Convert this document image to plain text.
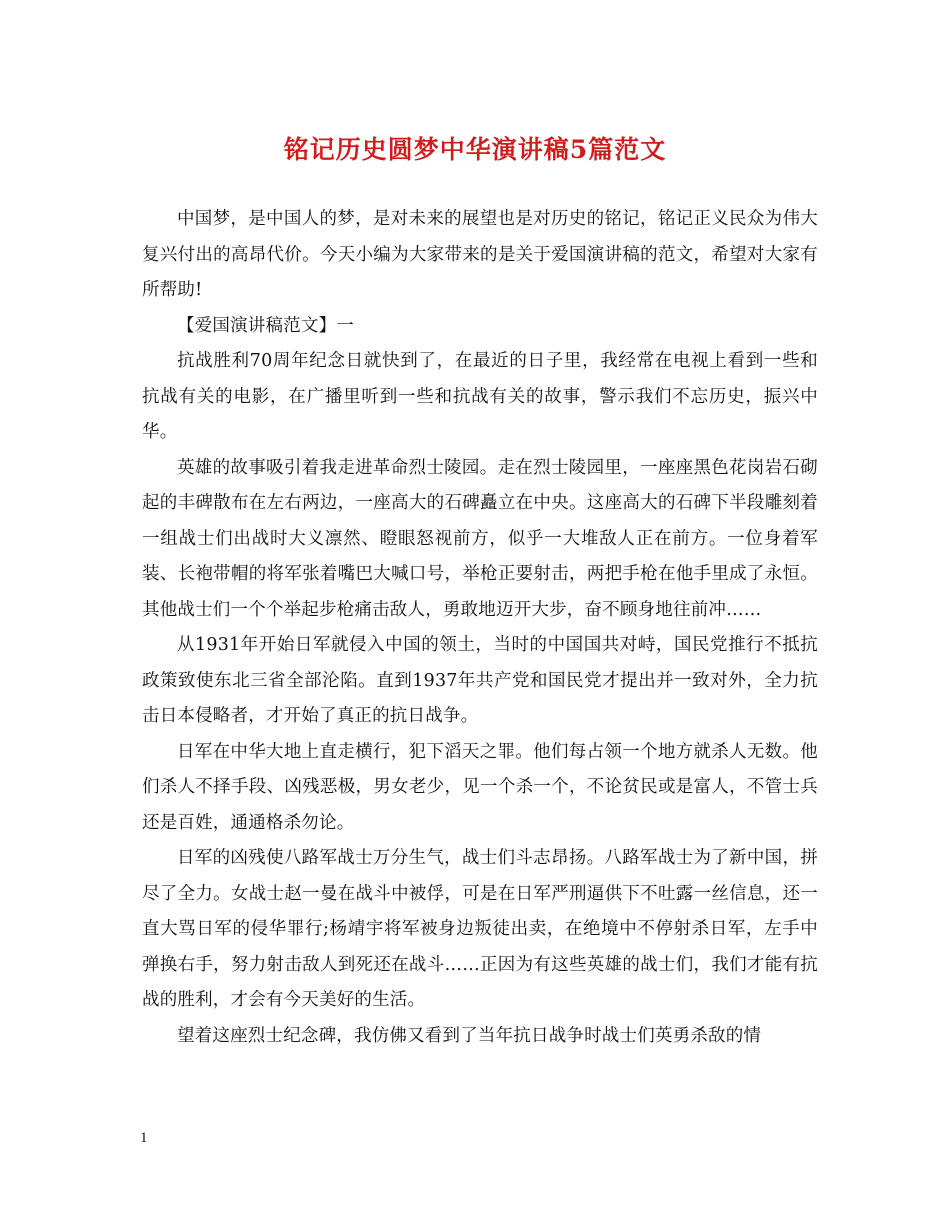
铭记历史圆梦中华演讲稿5篇范文

中国梦，是中国人的梦，是对未来的展望也是对历史的铭记，铭记正义民众为伟大复兴付出的高昂代价。今天小编为大家带来的是关于爱国演讲稿的范文，希望对大家有所帮助!

【爱国演讲稿范文】一

抗战胜利70周年纪念日就快到了，在最近的日子里，我经常在电视上看到一些和抗战有关的电影，在广播里听到一些和抗战有关的故事，警示我们不忘历史，振兴中华。

英雄的故事吸引着我走进革命烈士陵园。走在烈士陵园里，一座座黑色花岗岩石砌起的丰碑散布在左右两边，一座高大的石碑矗立在中央。这座高大的石碑下半段雕刻着一组战士们出战时大义凛然、瞪眼怒视前方，似乎一大堆敌人正在前方。一位身着军装、长袍带帽的将军张着嘴巴大喊口号，举枪正要射击，两把手枪在他手里成了永恒。其他战士们一个个举起步枪痛击敌人，勇敢地迈开大步，奋不顾身地往前冲……

从1931年开始日军就侵入中国的领土，当时的中国国共对峙，国民党推行不抵抗政策致使东北三省全部沦陷。直到1937年共产党和国民党才提出并一致对外，全力抗击日本侵略者，才开始了真正的抗日战争。

日军在中华大地上直走横行，犯下滔天之罪。他们每占领一个地方就杀人无数。他们杀人不择手段、凶残恶极，男女老少，见一个杀一个，不论贫民或是富人，不管士兵还是百姓，通通格杀勿论。

日军的凶残使八路军战士万分生气，战士们斗志昂扬。八路军战士为了新中国，拼尽了全力。女战士赵一曼在战斗中被俘，可是在日军严刑逼供下不吐露一丝信息，还一直大骂日军的侵华罪行;杨靖宇将军被身边叛徒出卖，在绝境中不停射杀日军，左手中弹换右手，努力射击敌人到死还在战斗……正因为有这些英雄的战士们，我们才能有抗战的胜利，才会有今天美好的生活。

望着这座烈士纪念碑，我仿佛又看到了当年抗日战争时战士们英勇杀敌的情

1
